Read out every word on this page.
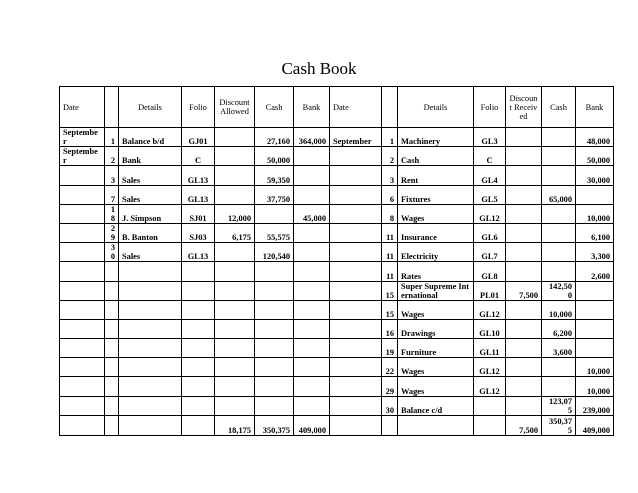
Cash Book
Date		Details	Folio	Discount Allowed	Cash	Bank	Date		Details	Folio	Discount Received	Cash	Bank
September	1	Balance b/d	GJ01		27,160	364,000	September	1	Machinery	GL3			48,000
September	2	Bank	C		50,000			2	Cash	C			50,000
	3	Sales	GL13		59,350			3	Rent	GL4			30,000
	7	Sales	GL13		37,750			6	Fixtures	GL5		65,000	
	18	J. Simpson	SJ01	12,000		45,000		8	Wages	GL12			10,000
	29	B. Banton	SJ03	6,175	55,575			11	Insurance	GL6			6,100
	30	Sales	GL13		120,540			11	Electricity	GL7			3,300
								11	Rates	GL8			2,600
								15	Super Supreme International	PL01	7,500	142,500	
								15	Wages	GL12		10,000	
								16	Drawings	GL10		6,200	
								19	Furniture	GL11		3,600	
								22	Wages	GL12			10,000
								29	Wages	GL12			10,000
								30	Balance c/d			123,075	239,000
				18,175	350,375	409,000					7,500	350,375	409,000
